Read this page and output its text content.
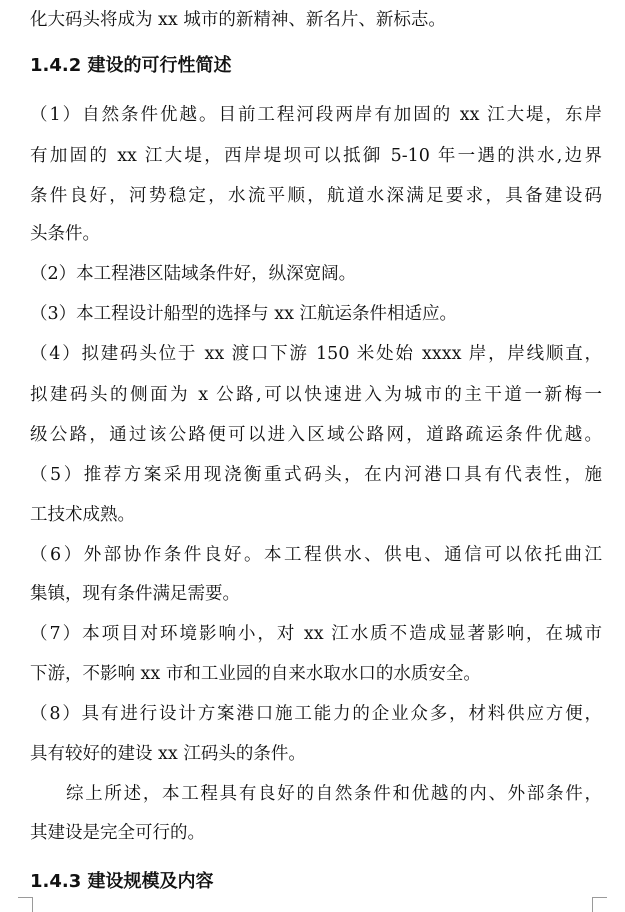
化大码头将成为 xx 城市的新精神、新名片、新标志。
1.4.2 建设的可行性简述
（1）自然条件优越。目前工程河段两岸有加固的 xx 江大堤，东岸
有加固的 xx 江大堤，西岸堤坝可以抵御 5-10 年一遇的洪水,边界
条件良好，河势稳定，水流平顺，航道水深满足要求，具备建设码
头条件。
（2）本工程港区陆域条件好，纵深宽阔。
（3）本工程设计船型的选择与 xx 江航运条件相适应。
（4）拟建码头位于 xx 渡口下游 150 米处始 xxxx 岸，岸线顺直，
拟建码头的侧面为 x 公路,可以快速进入为城市的主干道一新梅一
级公路，通过该公路便可以进入区域公路网，道路疏运条件优越。
（5）推荐方案采用现浇衡重式码头，在内河港口具有代表性，施
工技术成熟。
（6）外部协作条件良好。本工程供水、供电、通信可以依托曲江
集镇，现有条件满足需要。
（7）本项目对环境影响小，对 xx 江水质不造成显著影响，在城市
下游，不影响 xx 市和工业园的自来水取水口的水质安全。
（8）具有进行设计方案港口施工能力的企业众多，材料供应方便，
具有较好的建设 xx 江码头的条件。
综上所述，本工程具有良好的自然条件和优越的内、外部条件，
其建设是完全可行的。
1.4.3 建设规模及内容
